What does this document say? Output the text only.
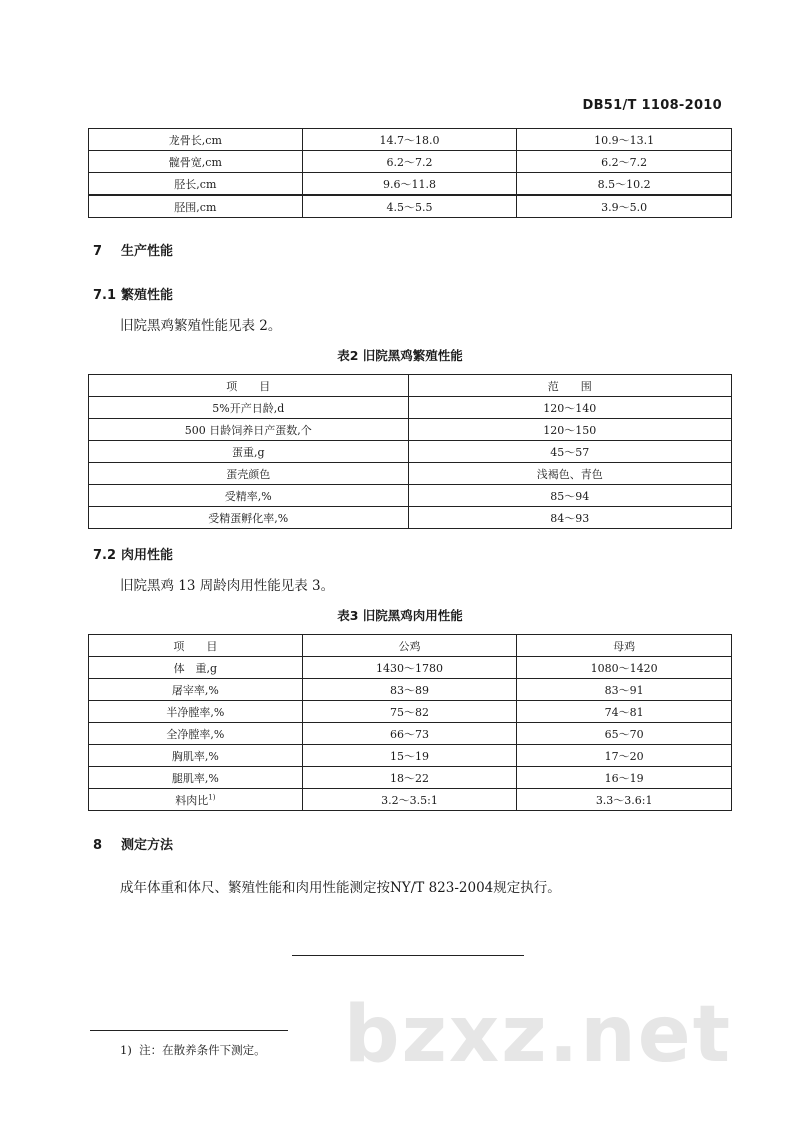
DB51/T 1108-2010
龙骨长,cm	14.7～18.0	10.9～13.1
髋骨宽,cm	6.2～7.2	6.2～7.2
胫长,cm	9.6～11.8	8.5～10.2
胫围,cm	4.5～5.5	3.9～5.0
7 生产性能
7.1 繁殖性能
旧院黑鸡繁殖性能见表 2。
表2 旧院黑鸡繁殖性能
项　　目	范　　围
5%开产日龄,d	120～140
500 日龄饲养日产蛋数,个	120～150
蛋重,g	45～57
蛋壳颜色	浅褐色、青色
受精率,%	85～94
受精蛋孵化率,%	84～93
7.2 肉用性能
旧院黑鸡 13 周龄肉用性能见表 3。
表3 旧院黑鸡肉用性能
项　　目	公鸡	母鸡
体　重,g	1430～1780	1080～1420
屠宰率,%	83～89	83～91
半净膛率,%	75～82	74～81
全净膛率,%	66～73	65～70
胸肌率,%	15～19	17～20
腿肌率,%	18～22	16～19
料肉比$^{1)}$	3.2～3.5:1	3.3～3.6:1
8 测定方法
成年体重和体尺、繁殖性能和肉用性能测定按NY/T 823-2004规定执行。
bzxz.net
1) 注：在散养条件下测定。
